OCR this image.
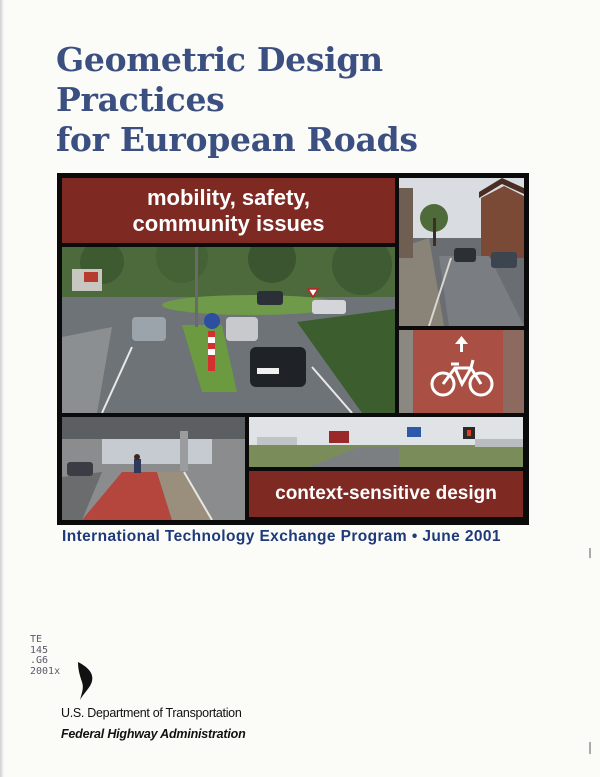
Geometric Design Practices
for European Roads
mobility, safety,
community issues
context-sensitive design
International Technology Exchange Program • June 2001
TE
145
.G6
2001x
U.S. Department of Transportation
Federal Highway Administration
